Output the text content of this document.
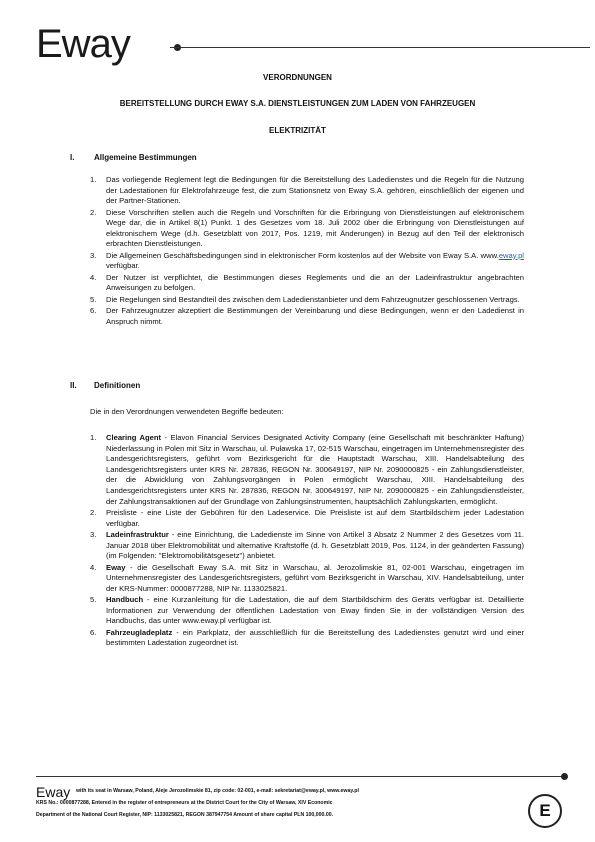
Eway
VERORDNUNGEN
BEREITSTELLUNG DURCH EWAY S.A. DIENSTLEISTUNGEN ZUM LADEN VON FAHRZEUGEN
ELEKTRIZITÄT
I. Allgemeine Bestimmungen
1. Das vorliegende Reglement legt die Bedingungen für die Bereitstellung des Ladedienstes und die Regeln für die Nutzung der Ladestationen für Elektrofahrzeuge fest, die zum Stationsnetz von Eway S.A. gehören, einschließlich der eigenen und der Partner-Stationen.
2. Diese Vorschriften stellen auch die Regeln und Vorschriften für die Erbringung von Dienstleistungen auf elektronischem Wege dar, die in Artikel 8(1) Punkt. 1 des Gesetzes vom 18. Juli 2002 über die Erbringung von Dienstleistungen auf elektronischem Wege (d.h. Gesetzblatt von 2017, Pos. 1219, mit Änderungen) in Bezug auf den Teil der elektronisch erbrachten Dienstleistungen.
3. Die Allgemeinen Geschäftsbedingungen sind in elektronischer Form kostenlos auf der Website von Eway S.A. www.eway.pl verfügbar.
4. Der Nutzer ist verpflichtet, die Bestimmungen dieses Reglements und die an der Ladeinfrastruktur angebrachten Anweisungen zu befolgen.
5. Die Regelungen sind Bestandteil des zwischen dem Ladedienstanbieter und dem Fahrzeugnutzer geschlossenen Vertrags.
6. Der Fahrzeugnutzer akzeptiert die Bestimmungen der Vereinbarung und diese Bedingungen, wenn er den Ladedienst in Anspruch nimmt.
II. Definitionen
Die in den Verordnungen verwendeten Begriffe bedeuten:
1. Clearing Agent - Elavon Financial Services Designated Activity Company (eine Gesellschaft mit beschränkter Haftung) Niederlassung in Polen mit Sitz in Warschau, ul. Puławska 17, 02-515 Warschau, eingetragen im Unternehmensregister des Landesgerichtsregisters, geführt vom Bezirksgericht für die Hauptstadt Warschau, XIII. Handelsabteilung des Landesgerichtsregisters unter KRS Nr. 287836, REGON Nr. 300649197, NIP Nr. 2090000825 - ein Zahlungsdienstleister, der die Abwicklung von Zahlungsvorgängen in Polen ermöglicht Warschau, XIII. Handelsabteilung des Landesgerichtsregisters unter KRS Nr. 287836, REGON Nr. 300649197, NIP Nr. 2090000825 - ein Zahlungsdienstleister, der Zahlungstransaktionen auf der Grundlage von Zahlungsinstrumenten, hauptsächlich Zahlungskarten, ermöglicht.
2. Preisliste - eine Liste der Gebühren für den Ladeservice. Die Preisliste ist auf dem Startbildschirm jeder Ladestation verfügbar.
3. Ladeinfrastruktur - eine Einrichtung, die Ladedienste im Sinne von Artikel 3 Absatz 2 Nummer 2 des Gesetzes vom 11. Januar 2018 über Elektromobilität und alternative Kraftstoffe (d. h. Gesetzblatt 2019, Pos. 1124, in der geänderten Fassung) (im Folgenden: "Elektromobilitätsgesetz") anbietet.
4. Eway - die Gesellschaft Eway S.A. mit Sitz in Warschau, al. Jerozolimskie 81, 02-001 Warschau, eingetragen im Unternehmensregister des Landesgerichtsregisters, geführt vom Bezirksgericht in Warschau, XIV. Handelsabteilung, unter der KRS-Nummer: 0000877288, NIP Nr. 1133025821.
5. Handbuch - eine Kurzanleitung für die Ladestation, die auf dem Startbildschirm des Geräts verfügbar ist. Detaillierte Informationen zur Verwendung der öffentlichen Ladestation von Eway finden Sie in der vollständigen Version des Handbuchs, das unter www.eway.pl verfügbar ist.
6. Fahrzeugladeplatz - ein Parkplatz, der ausschließlich für die Bereitstellung des Ladedienstes genutzt wird und einer bestimmten Ladestation zugeordnet ist.
Eway with its seat in Warsaw, Poland, Aleje Jerozolimskie 81, zip code: 02-001, e-mail: sekretariat@eway.pl, www.eway.pl
KRS No.: 0000877288, Entered in the register of entrepreneurs at the District Court for the City of Warsaw, XIV Economic
Department of the National Court Register, NIP: 1133025821, REGON 387947754 Amount of share capital PLN 100,000.00.	E
